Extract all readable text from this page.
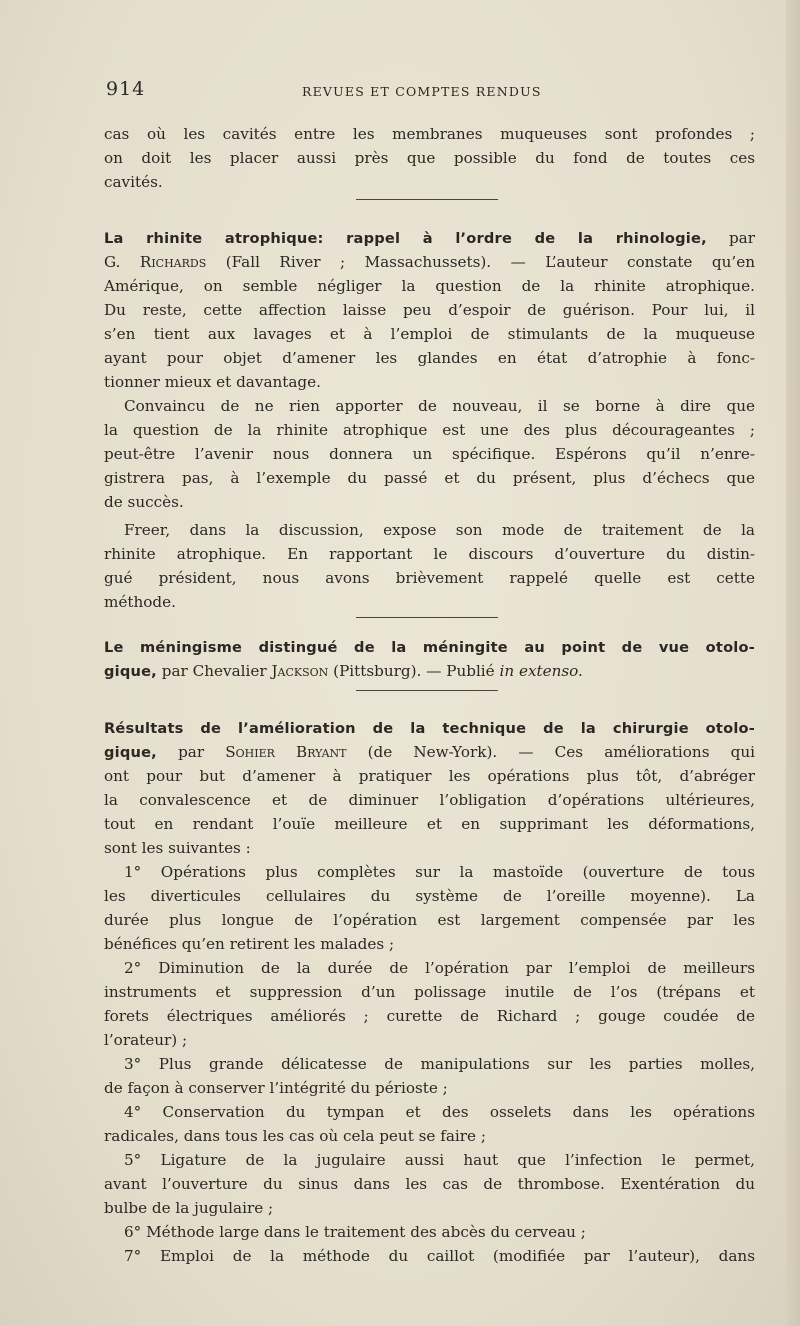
914	REVUES ET COMPTES RENDUS
cas où les cavités entre les membranes muqueuses sont profondes ;
on doit les placer aussi près que possible du fond de toutes ces
cavités.
La rhinite atrophique: rappel à l’ordre de la rhinologie, par
G. Richards (Fall River ; Massachussets). — L’auteur constate qu’en
Amérique, on semble négliger la question de la rhinite atrophique.
Du reste, cette affection laisse peu d’espoir de guérison. Pour lui, il
s’en tient aux lavages et à l’emploi de stimulants de la muqueuse
ayant pour objet d’amener les glandes en état d’atrophie à fonc-
tionner mieux et davantage.
Convaincu de ne rien apporter de nouveau, il se borne à dire que
la question de la rhinite atrophique est une des plus décourageantes ;
peut-être l’avenir nous donnera un spécifique. Espérons qu’il n’enre-
gistrera pas, à l’exemple du passé et du présent, plus d’échecs que
de succès.
Freer, dans la discussion, expose son mode de traitement de la
rhinite atrophique. En rapportant le discours d’ouverture du distin-
gué président, nous avons brièvement rappelé quelle est cette
méthode.
Le méningisme distingué de la méningite au point de vue otolo-
gique, par Chevalier Jackson (Pittsburg). — Publié in extenso.
Résultats de l’amélioration de la technique de la chirurgie otolo-
gique, par Sohier Bryant (de New-York). — Ces améliorations qui
ont pour but d’amener à pratiquer les opérations plus tôt, d’abréger
la convalescence et de diminuer l’obligation d’opérations ultérieures,
tout en rendant l’ouïe meilleure et en supprimant les déformations,
sont les suivantes :
1° Opérations plus complètes sur la mastoïde (ouverture de tous
les diverticules cellulaires du système de l’oreille moyenne). La
durée plus longue de l’opération est largement compensée par les
bénéfices qu’en retirent les malades ;
2° Diminution de la durée de l’opération par l’emploi de meilleurs
instruments et suppression d’un polissage inutile de l’os (trépans et
forets électriques améliorés ; curette de Richard ; gouge coudée de
l’orateur) ;
3° Plus grande délicatesse de manipulations sur les parties molles,
de façon à conserver l’intégrité du périoste ;
4° Conservation du tympan et des osselets dans les opérations
radicales, dans tous les cas où cela peut se faire ;
5° Ligature de la jugulaire aussi haut que l’infection le permet,
avant l’ouverture du sinus dans les cas de thrombose. Exentération du
bulbe de la jugulaire ;
6° Méthode large dans le traitement des abcès du cerveau ;
7° Emploi de la méthode du caillot (modifiée par l’auteur), dans
